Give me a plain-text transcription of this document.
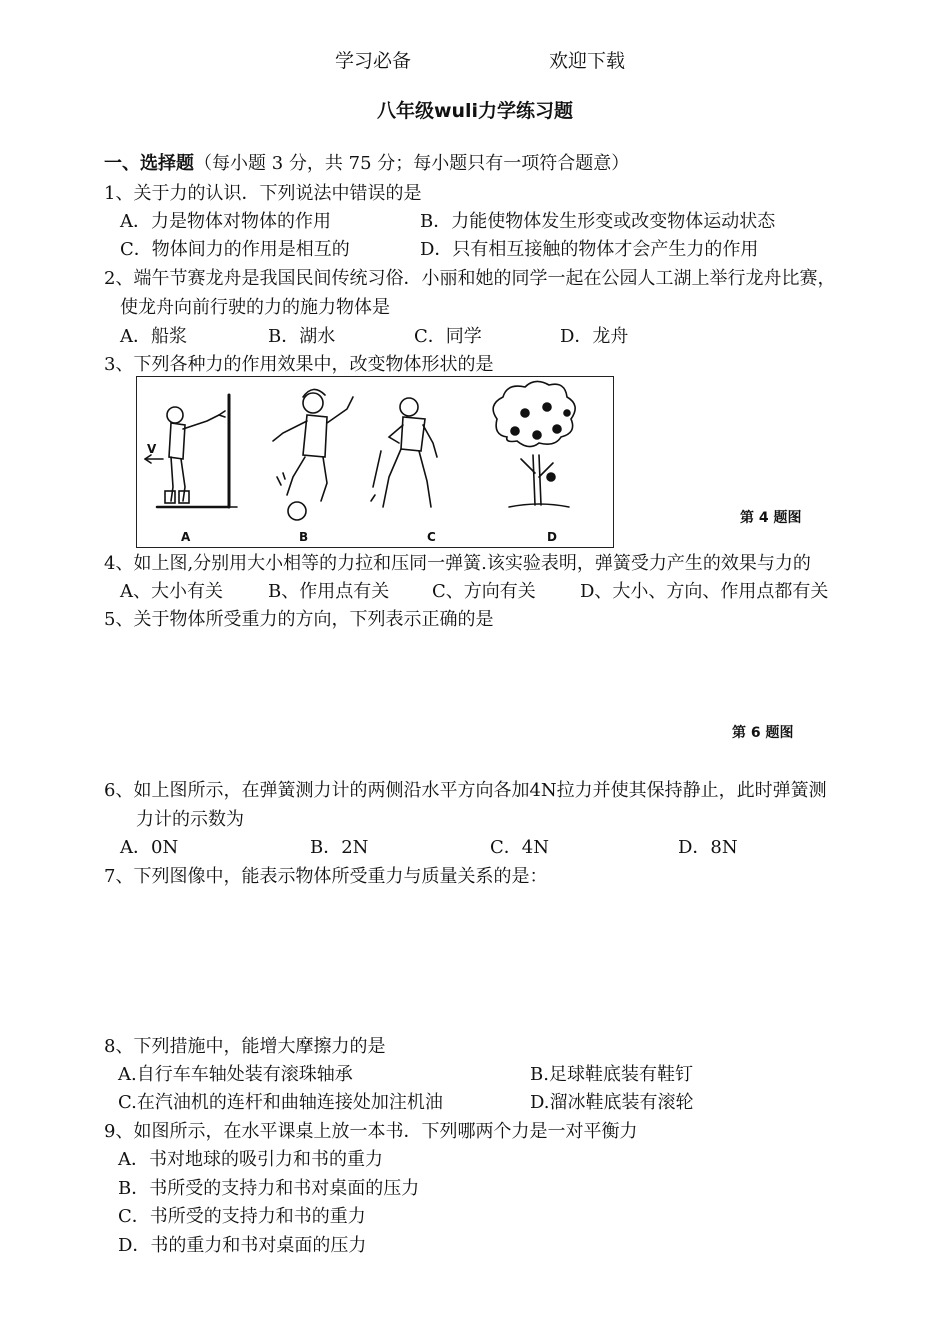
学习必备	欢迎下载
八年级wuli力学练习题
一、选择题（每小题 3 分，共 75 分；每小题只有一项符合题意）
1、关于力的认识．下列说法中错误的是
A．力是物体对物体的作用	B．力能使物体发生形变或改变物体运动状态
C．物体间力的作用是相互的	D．只有相互接触的物体才会产生力的作用
2、端午节赛龙舟是我国民间传统习俗．小丽和她的同学一起在公园人工湖上举行龙舟比赛，
使龙舟向前行驶的力的施力物体是
A．船浆	B．湖水	C．同学	D．龙舟
3、下列各种力的作用效果中，改变物体形状的是
V
A	B	C	D
第 4 题图
4、如上图,分别用大小相等的力拉和压同一弹簧.该实验表明，弹簧受力产生的效果与力的
A、大小有关	B、作用点有关 C、方向有关 D、大小、方向、作用点都有关
5、关于物体所受重力的方向，下列表示正确的是
第 6 题图
6、如上图所示，在弹簧测力计的两侧沿水平方向各加4N拉力并使其保持静止，此时弹簧测
力计的示数为
A．0N	B．2N	C．4N	D．8N
7、下列图像中，能表示物体所受重力与质量关系的是：
8、下列措施中，能增大摩擦力的是
A.自行车车轴处装有滚珠轴承	B.足球鞋底装有鞋钉
C.在汽油机的连杆和曲轴连接处加注机油	D.溜冰鞋底装有滚轮
9、如图所示，在水平课桌上放一本书．下列哪两个力是一对平衡力
A．书对地球的吸引力和书的重力
B．书所受的支持力和书对桌面的压力
C．书所受的支持力和书的重力
D．书的重力和书对桌面的压力
